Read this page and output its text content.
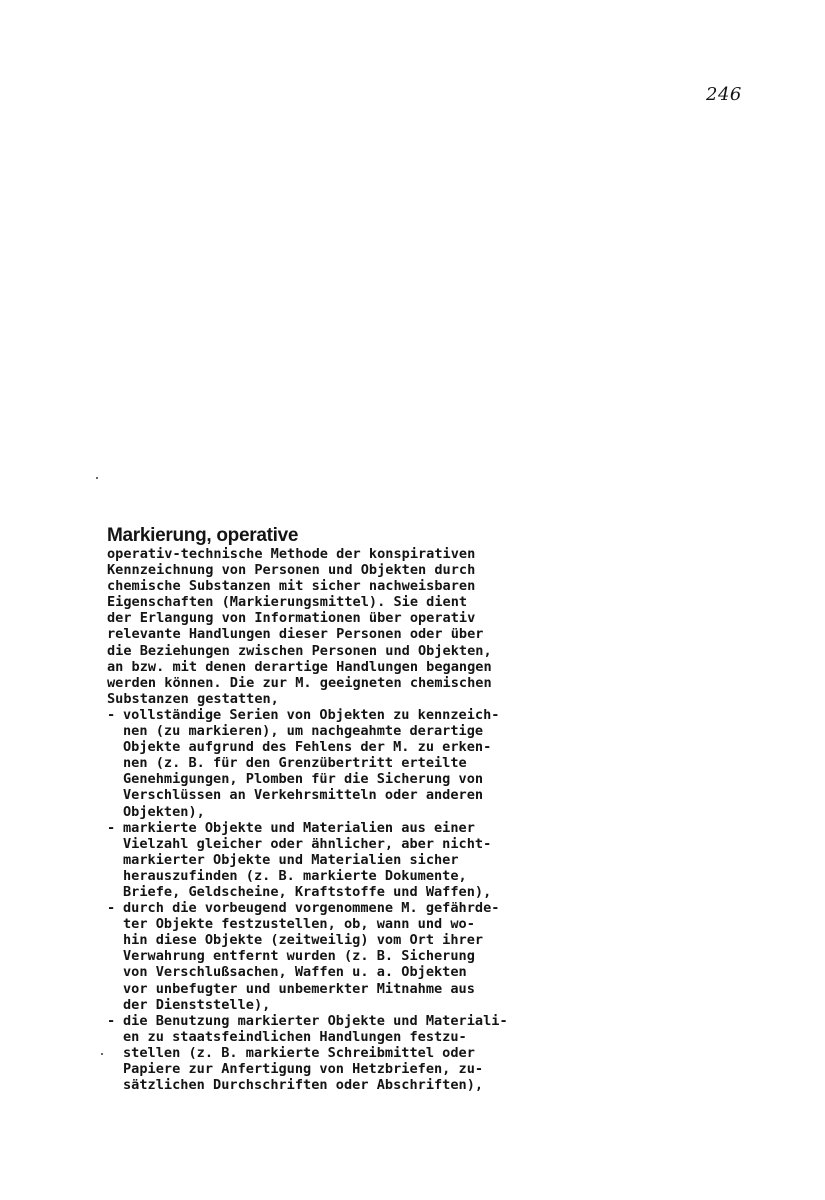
246
Markierung, operative
operativ-technische Methode der konspirativen
Kennzeichnung von Personen und Objekten durch
chemische Substanzen mit sicher nachweisbaren
Eigenschaften (Markierungsmittel). Sie dient
der Erlangung von Informationen über operativ
relevante Handlungen dieser Personen oder über
die Beziehungen zwischen Personen und Objekten,
an bzw. mit denen derartige Handlungen begangen
werden können. Die zur M. geeigneten chemischen
Substanzen gestatten,
- vollständige Serien von Objekten zu kennzeich-
nen (zu markieren), um nachgeahmte derartige
Objekte aufgrund des Fehlens der M. zu erken-
nen (z. B. für den Grenzübertritt erteilte
Genehmigungen, Plomben für die Sicherung von
Verschlüssen an Verkehrsmitteln oder anderen
Objekten),
- markierte Objekte und Materialien aus einer
Vielzahl gleicher oder ähnlicher, aber nicht-
markierter Objekte und Materialien sicher
herauszufinden (z. B. markierte Dokumente,
Briefe, Geldscheine, Kraftstoffe und Waffen),
- durch die vorbeugend vorgenommene M. gefährde-
ter Objekte festzustellen, ob, wann und wo-
hin diese Objekte (zeitweilig) vom Ort ihrer
Verwahrung entfernt wurden (z. B. Sicherung
von Verschlußsachen, Waffen u. a. Objekten
vor unbefugter und unbemerkter Mitnahme aus
der Dienststelle),
- die Benutzung markierter Objekte und Materiali-
en zu staatsfeindlichen Handlungen festzu-
stellen (z. B. markierte Schreibmittel oder
Papiere zur Anfertigung von Hetzbriefen, zu-
sätzlichen Durchschriften oder Abschriften),
